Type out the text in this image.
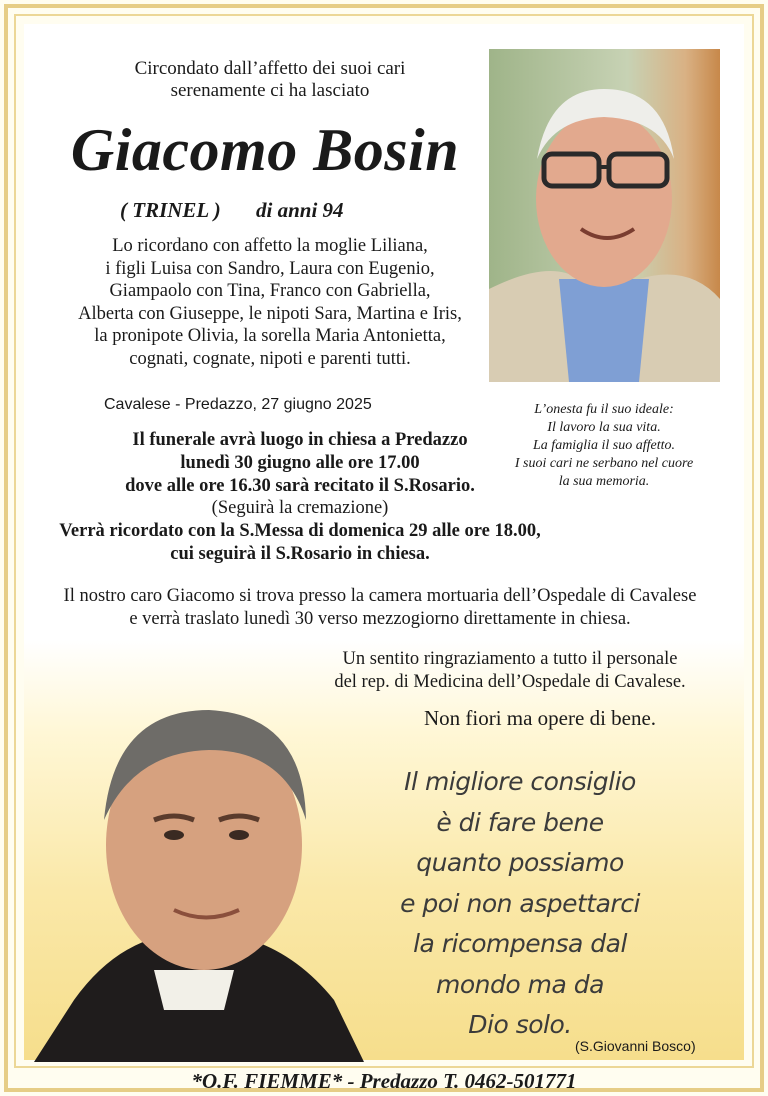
Circondato dall’affetto dei suoi cari
serenamente ci ha lasciato
Giacomo Bosin
( TRINEL ) di anni 94
Lo ricordano con affetto la moglie Liliana,
i figli Luisa con Sandro, Laura con Eugenio,
Giampaolo con Tina, Franco con Gabriella,
Alberta con Giuseppe, le nipoti Sara, Martina e Iris,
la pronipote Olivia, la sorella Maria Antonietta,
cognati, cognate, nipoti e parenti tutti.
Cavalese - Predazzo, 27 giugno 2025	L’onesta fu il suo ideale:
Il lavoro la sua vita.
La famiglia il suo affetto.
I suoi cari ne serbano nel cuore
la sua memoria.
Il funerale avrà luogo in chiesa a Predazzo
lunedì 30 giugno alle ore 17.00
dove alle ore 16.30 sarà recitato il S.Rosario.
(Seguirà la cremazione)
Verrà ricordato con la S.Messa di domenica 29 alle ore 18.00,
cui seguirà il S.Rosario in chiesa.
Il nostro caro Giacomo si trova presso la camera mortuaria dell’Ospedale di Cavalese
e verrà traslato lunedì 30 verso mezzogiorno direttamente in chiesa.
Un sentito ringraziamento a tutto il personale
del rep. di Medicina dell’Ospedale di Cavalese.
Non fiori ma opere di bene.
Il migliore consiglio
è di fare bene
quanto possiamo
e poi non aspettarci
la ricompensa dal
mondo ma da
Dio solo.
(S.Giovanni Bosco)
*O.F. FIEMME* - Predazzo T. 0462-501771
